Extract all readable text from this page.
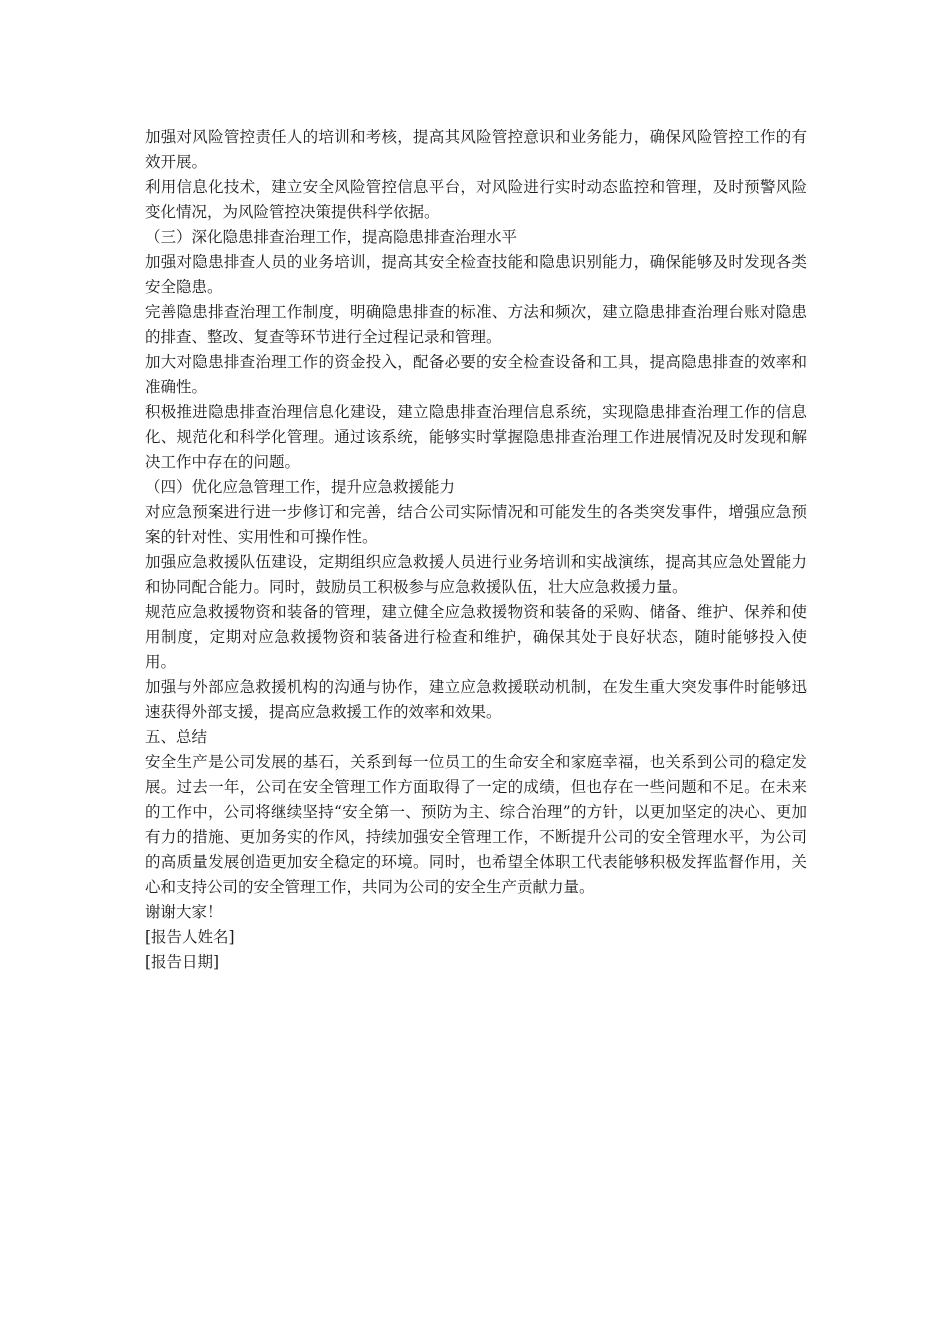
加强对风险管控责任人的培训和考核，提高其风险管控意识和业务能力，确保风险管控工作的有效开展。

利用信息化技术，建立安全风险管控信息平台，对风险进行实时动态监控和管理，及时预警风险变化情况，为风险管控决策提供科学依据。

（三）深化隐患排查治理工作，提高隐患排查治理水平

加强对隐患排查人员的业务培训，提高其安全检查技能和隐患识别能力，确保能够及时发现各类安全隐患。

完善隐患排查治理工作制度，明确隐患排查的标准、方法和频次，建立隐患排查治理台账对隐患的排查、整改、复查等环节进行全过程记录和管理。

加大对隐患排查治理工作的资金投入，配备必要的安全检查设备和工具，提高隐患排查的效率和准确性。

积极推进隐患排查治理信息化建设，建立隐患排查治理信息系统，实现隐患排查治理工作的信息化、规范化和科学化管理。通过该系统，能够实时掌握隐患排查治理工作进展情况及时发现和解决工作中存在的问题。

（四）优化应急管理工作，提升应急救援能力

对应急预案进行进一步修订和完善，结合公司实际情况和可能发生的各类突发事件，增强应急预案的针对性、实用性和可操作性。

加强应急救援队伍建设，定期组织应急救援人员进行业务培训和实战演练，提高其应急处置能力和协同配合能力。同时，鼓励员工积极参与应急救援队伍，壮大应急救援力量。

规范应急救援物资和装备的管理，建立健全应急救援物资和装备的采购、储备、维护、保养和使用制度，定期对应急救援物资和装备进行检查和维护，确保其处于良好状态，随时能够投入使用。

加强与外部应急救援机构的沟通与协作，建立应急救援联动机制，在发生重大突发事件时能够迅速获得外部支援，提高应急救援工作的效率和效果。

五、总结

安全生产是公司发展的基石，关系到每一位员工的生命安全和家庭幸福，也关系到公司的稳定发展。过去一年，公司在安全管理工作方面取得了一定的成绩，但也存在一些问题和不足。在未来的工作中，公司将继续坚持“安全第一、预防为主、综合治理”的方针，以更加坚定的决心、更加有力的措施、更加务实的作风，持续加强安全管理工作，不断提升公司的安全管理水平，为公司的高质量发展创造更加安全稳定的环境。同时，也希望全体职工代表能够积极发挥监督作用，关心和支持公司的安全管理工作，共同为公司的安全生产贡献力量。

谢谢大家！

[报告人姓名]

[报告日期]
